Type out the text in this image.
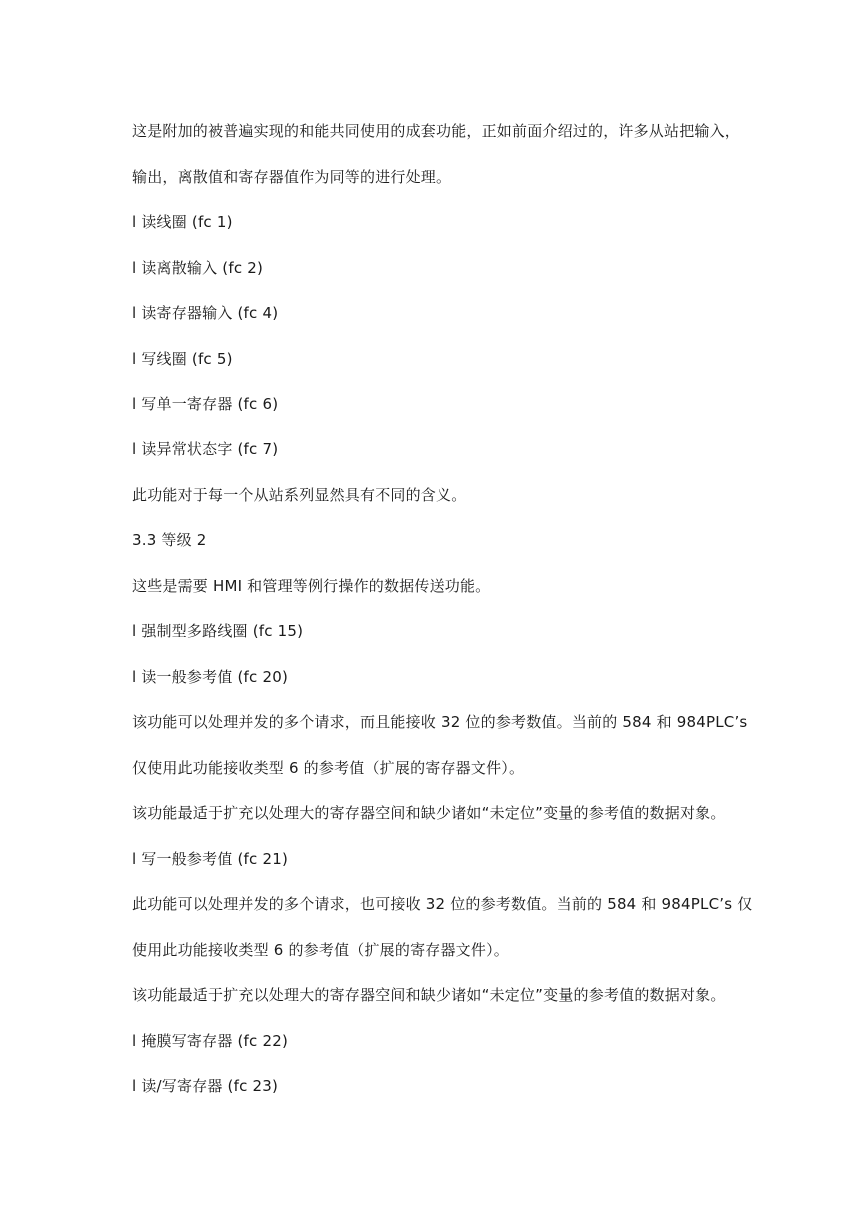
这是附加的被普遍实现的和能共同使用的成套功能，正如前面介绍过的，许多从站把输入，
输出，离散值和寄存器值作为同等的进行处理。
l 读线圈 (fc 1)
l 读离散输入 (fc 2)
l 读寄存器输入 (fc 4)
l 写线圈 (fc 5)
l 写单一寄存器 (fc 6)
l 读异常状态字 (fc 7)
此功能对于每一个从站系列显然具有不同的含义。
3.3 等级 2
这些是需要 HMI 和管理等例行操作的数据传送功能。
l 强制型多路线圈 (fc 15)
l 读一般参考值 (fc 20)
该功能可以处理并发的多个请求，而且能接收 32 位的参考数值。当前的 584 和 984PLC’s
仅使用此功能接收类型 6 的参考值（扩展的寄存器文件）。
该功能最适于扩充以处理大的寄存器空间和缺少诸如“未定位”变量的参考值的数据对象。
l 写一般参考值 (fc 21)
此功能可以处理并发的多个请求，也可接收 32 位的参考数值。当前的 584 和 984PLC’s 仅
使用此功能接收类型 6 的参考值（扩展的寄存器文件）。
该功能最适于扩充以处理大的寄存器空间和缺少诸如“未定位”变量的参考值的数据对象。
l 掩膜写寄存器 (fc 22)
l 读/写寄存器 (fc 23)
